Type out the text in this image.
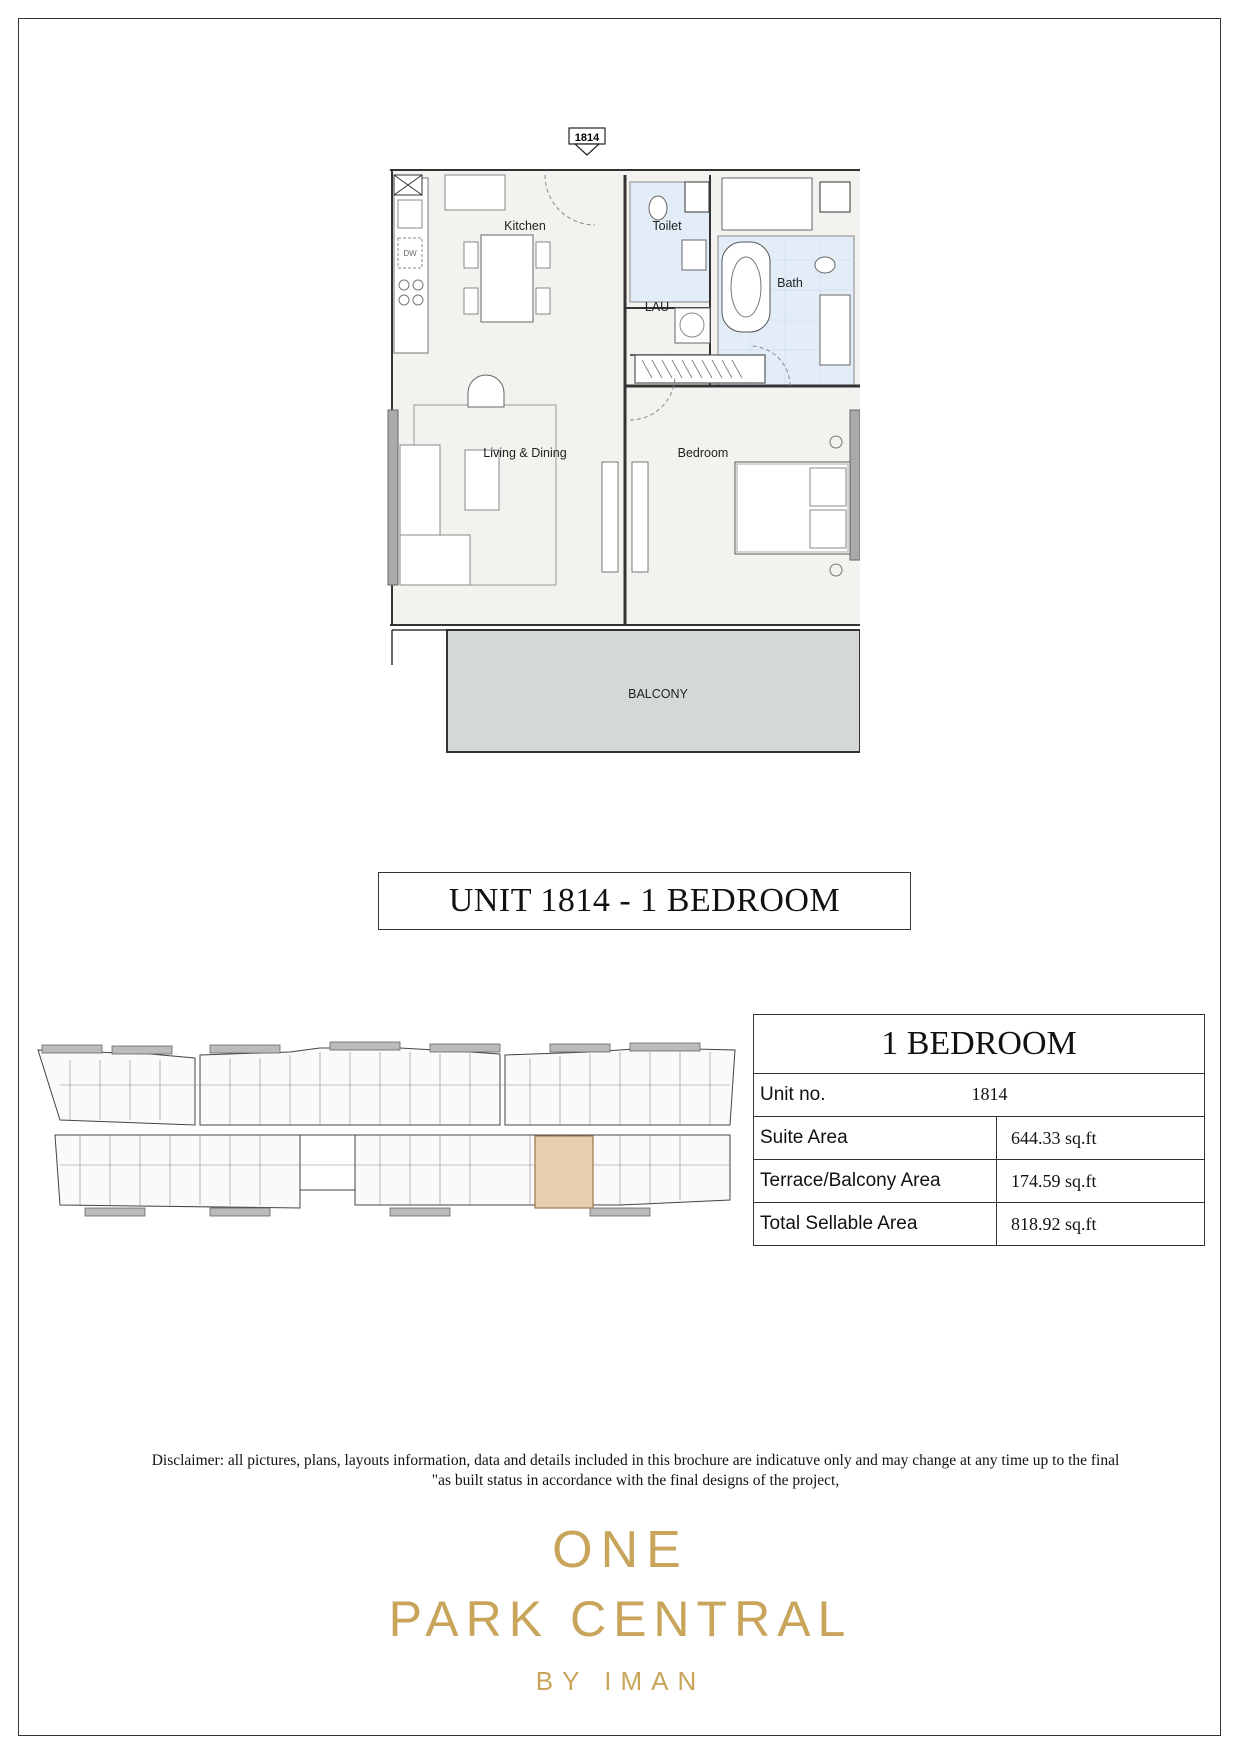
1814
DW
Kitchen	Toilet
Bath
LAU
Living & Dining	Bedroom
BALCONY
UNIT 1814 - 1 BEDROOM
1 BEDROOM	
Unit no. 1814	
Suite Area	644.33 sq.ft
Terrace/Balcony Area	174.59 sq.ft
Total Sellable Area	818.92 sq.ft
Disclaimer: all pictures, plans, layouts information, data and details included in this brochure are indicatuve only and may change at any time up to the final
"as built status in accordance with the final designs of the project,
ONE
PARK CENTRAL
BY IMAN
